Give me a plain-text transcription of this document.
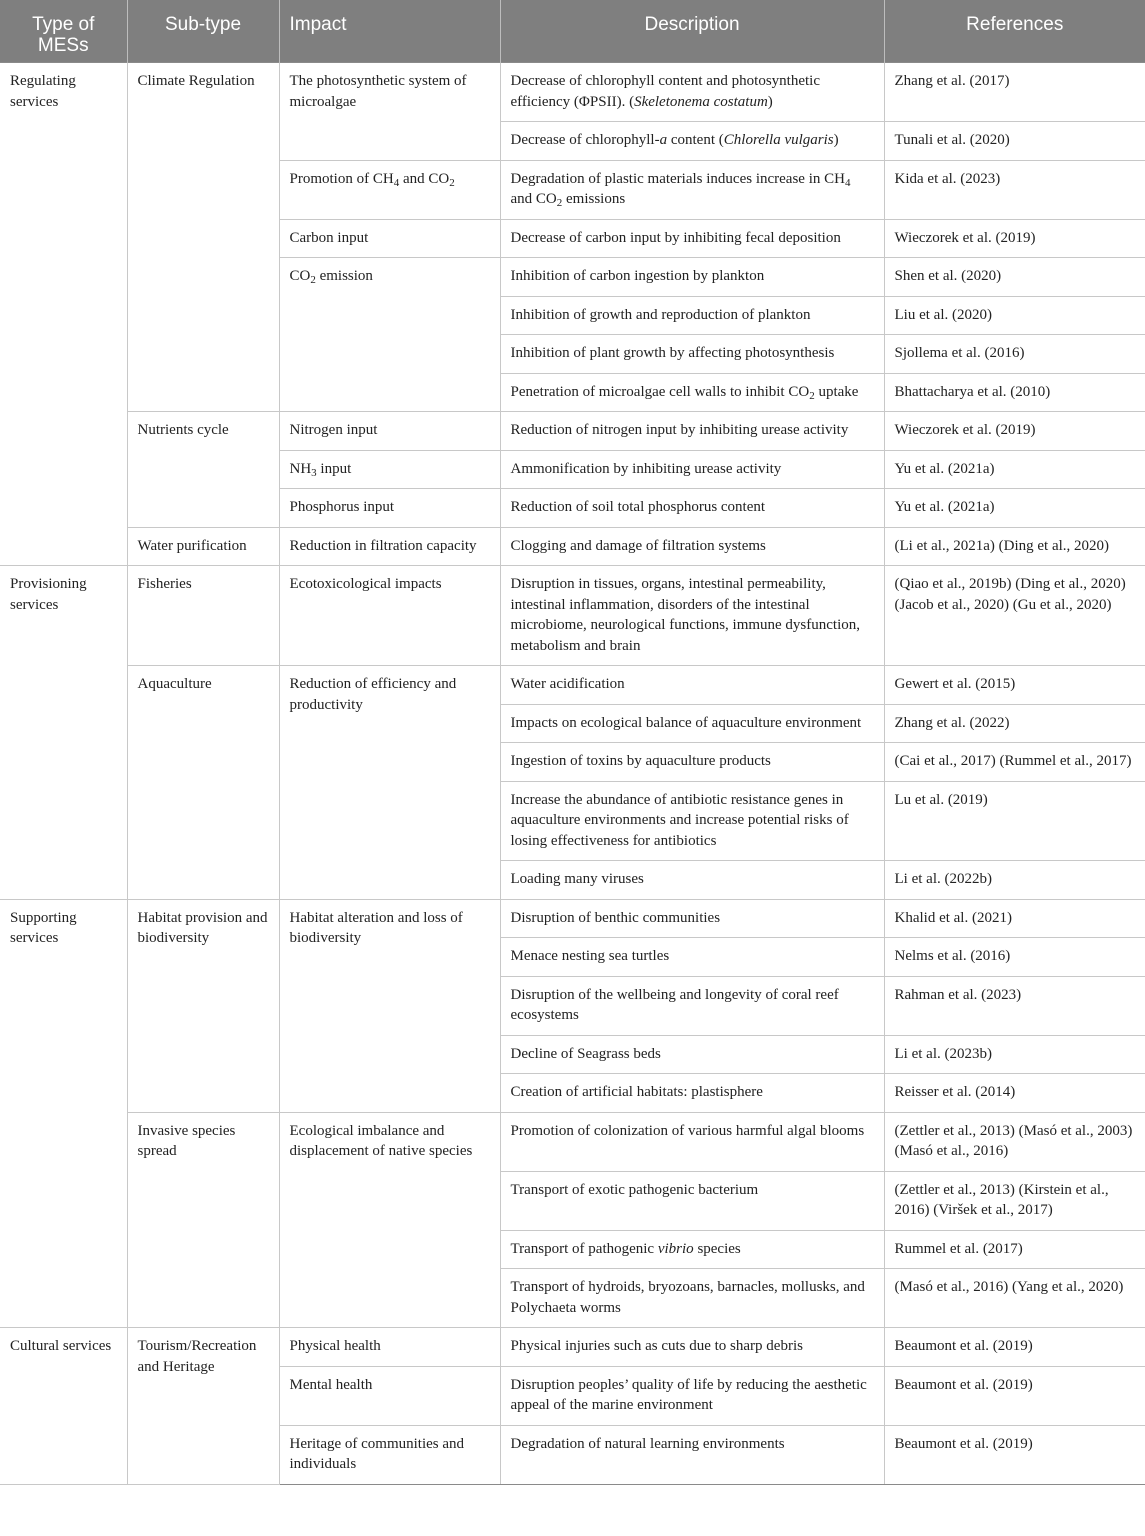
Type of MESs	Sub-type	Impact	Description	References
Regulating services	Climate Regulation	The photosynthetic system of microalgae	Decrease of chlorophyll content and photosynthetic efficiency (ΦPSII). (Skeletonema costatum)	Zhang et al. (2017)
			Decrease of chlorophyll-a content (Chlorella vulgaris)	Tunali et al. (2020)
		Promotion of $CH_4$ and $CO_2$	Degradation of plastic materials induces increase in $CH_4$ and $CO_2$ emissions	Kida et al. (2023)
		Carbon input	Decrease of carbon input by inhibiting fecal deposition	Wieczorek et al. (2019)
		$CO_2$ emission	Inhibition of carbon ingestion by plankton	Shen et al. (2020)
			Inhibition of growth and reproduction of plankton	Liu et al. (2020)
			Inhibition of plant growth by affecting photosynthesis	Sjollema et al. (2016)
			Penetration of microalgae cell walls to inhibit $CO_2$ uptake	Bhattacharya et al. (2010)
	Nutrients cycle	Nitrogen input	Reduction of nitrogen input by inhibiting urease activity	Wieczorek et al. (2019)
		$NH_3$ input	Ammonification by inhibiting urease activity	Yu et al. (2021a)
		Phosphorus input	Reduction of soil total phosphorus content	Yu et al. (2021a)
	Water purification	Reduction in filtration capacity	Clogging and damage of filtration systems	(Li et al., 2021a) (Ding et al., 2020)
Provisioning services	Fisheries	Ecotoxicological impacts	Disruption in tissues, organs, intestinal permeability, intestinal inflammation, disorders of the intestinal microbiome, neurological functions, immune dysfunction, metabolism and brain	(Qiao et al., 2019b) (Ding et al., 2020) (Jacob et al., 2020) (Gu et al., 2020)
	Aquaculture	Reduction of efficiency and productivity	Water acidification	Gewert et al. (2015)
			Impacts on ecological balance of aquaculture environment	Zhang et al. (2022)
			Ingestion of toxins by aquaculture products	(Cai et al., 2017) (Rummel et al., 2017)
			Increase the abundance of antibiotic resistance genes in aquaculture environments and increase potential risks of losing effectiveness for antibiotics	Lu et al. (2019)
			Loading many viruses	Li et al. (2022b)
Supporting services	Habitat provision and biodiversity	Habitat alteration and loss of biodiversity	Disruption of benthic communities	Khalid et al. (2021)
			Menace nesting sea turtles	Nelms et al. (2016)
			Disruption of the wellbeing and longevity of coral reef ecosystems	Rahman et al. (2023)
			Decline of Seagrass beds	Li et al. (2023b)
			Creation of artificial habitats: plastisphere	Reisser et al. (2014)
	Invasive species spread	Ecological imbalance and displacement of native species	Promotion of colonization of various harmful algal blooms	(Zettler et al., 2013) (Masó et al., 2003) (Masó et al., 2016)
			Transport of exotic pathogenic bacterium	(Zettler et al., 2013) (Kirstein et al., 2016) (Viršek et al., 2017)
			Transport of pathogenic vibrio species	Rummel et al. (2017)
			Transport of hydroids, bryozoans, barnacles, mollusks, and Polychaeta worms	(Masó et al., 2016) (Yang et al., 2020)
Cultural services	Tourism/Recreation and Heritage	Physical health	Physical injuries such as cuts due to sharp debris	Beaumont et al. (2019)
		Mental health	Disruption peoples’ quality of life by reducing the aesthetic appeal of the marine environment	Beaumont et al. (2019)
		Heritage of communities and individuals	Degradation of natural learning environments	Beaumont et al. (2019)
